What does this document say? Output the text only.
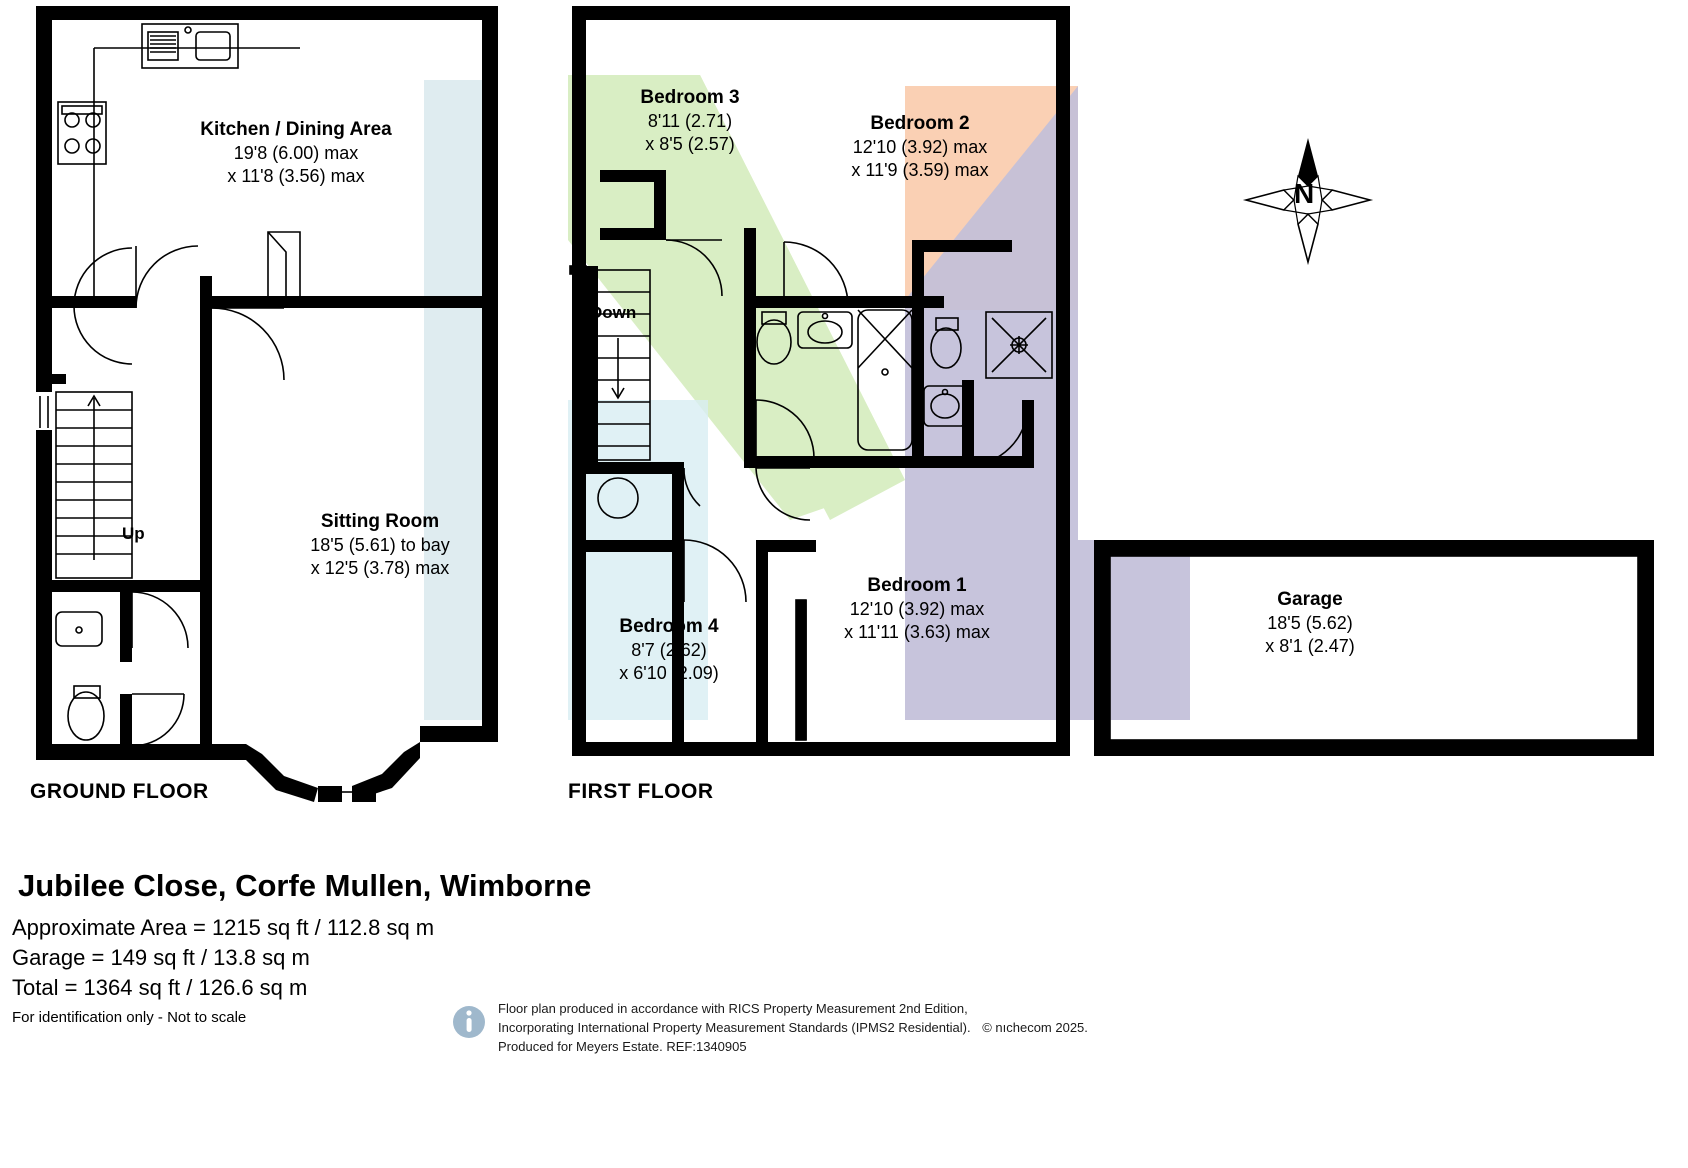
N
Up
Down
Kitchen / Dining Area
19'8 (6.00) max
x 11'8 (3.56) max
Sitting Room
18'5 (5.61) to bay
x 12'5 (3.78) max
Bedroom 3
8'11 (2.71)
x 8'5 (2.57)
Bedroom 2
12'10 (3.92) max
x 11'9 (3.59) max
Bedroom 1
12'10 (3.92) max
x 11'11 (3.63) max
Bedroom 4
8'7 (2.62)
x 6'10 (2.09)
Garage
18'5 (5.62)
x 8'1 (2.47)
GROUND FLOOR	FIRST FLOOR
Jubilee Close, Corfe Mullen, Wimborne
Approximate Area = 1215 sq ft / 112.8 sq m
Garage = 149 sq ft / 13.8 sq m
Total = 1364 sq ft / 126.6 sq m
For identification only - Not to scale
Floor plan produced in accordance with RICS Property Measurement 2nd Edition,
Incorporating International Property Measurement Standards (IPMS2 Residential). © nıchecom 2025.
Produced for Meyers Estate. REF:1340905
